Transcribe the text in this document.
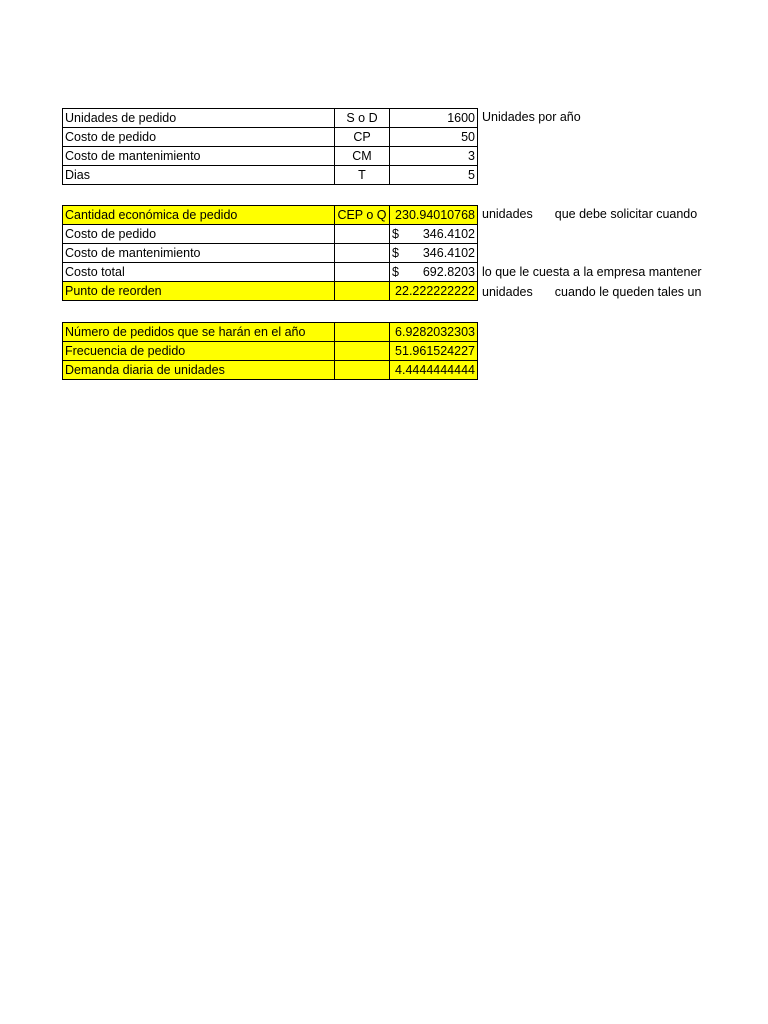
Unidades de pedido	S o D	1600
Costo de pedido	CP	50
Costo de mantenimiento	CM	3
Dias	T	5
Unidades por año
Cantidad económica de pedido	CEP o Q	230.94010768
Costo de pedido		$ 346.4102

Costo de mantenimiento		$ 346.4102

Costo total		$ 692.8203

Punto de reorden		22.222222222
unidades que debe solicitar cuando
lo que le cuesta a la empresa mantener
unidades cuando le queden tales un
Número de pedidos que se harán en el año		6.9282032303
Frecuencia de pedido		51.961524227
Demanda diaria de unidades		4.4444444444
